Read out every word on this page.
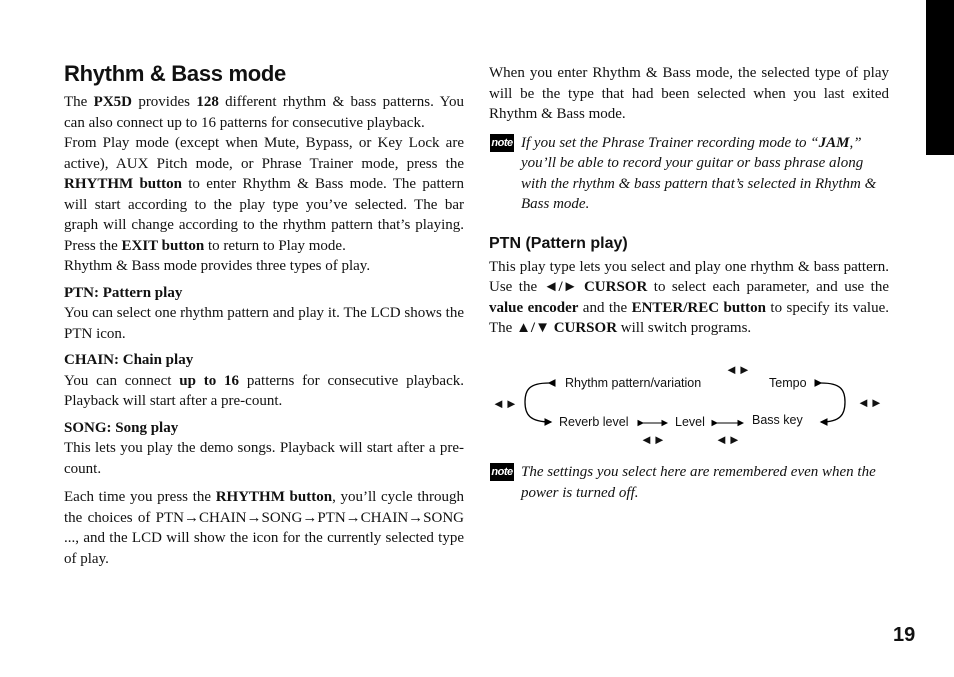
Rhythm & Bass mode

The PX5D provides 128 different rhythm & bass patterns. You can also connect up to 16 patterns for consecutive playback.

From Play mode (except when Mute, Bypass, or Key Lock are active), AUX Pitch mode, or Phrase Trainer mode, press the RHYTHM button to enter Rhythm & Bass mode. The pattern will start according to the play type you’ve selected. The bar graph will change according to the rhythm pattern that’s playing. Press the EXIT button to return to Play mode.

Rhythm & Bass mode provides three types of play.

PTN: Pattern play

You can select one rhythm pattern and play it. The LCD shows the PTN icon.

CHAIN: Chain play

You can connect up to 16 patterns for consecutive playback. Playback will start after a pre-count.

SONG: Song play

This lets you play the demo songs. Playback will start after a pre-count.

Each time you press the RHYTHM button, you’ll cycle through the choices of PTN→CHAIN→SONG→PTN→CHAIN→SONG ..., and the LCD will show the icon for the currently selected type of play.

When you enter Rhythm & Bass mode, the selected type of play will be the type that had been selected when you last exited Rhythm & Bass mode.

note If you set the Phrase Trainer recording mode to “JAM,” you’ll be able to record your guitar or bass phrase along with the rhythm & bass pattern that’s selected in Rhythm & Bass mode.
PTN (Pattern play)

This play type lets you select and play one rhythm & bass pattern. Use the ◄/► CURSOR to select each parameter, and use the value encoder and the ENTER/REC button to specify its value. The ▲/▼ CURSOR will switch programs.

Rhythm pattern/variation	Tempo
Reverb level	Level	Bass key
◄►
◄►	◄►
◄►	◄►
note The settings you select here are remembered even when the power is turned off.
19
